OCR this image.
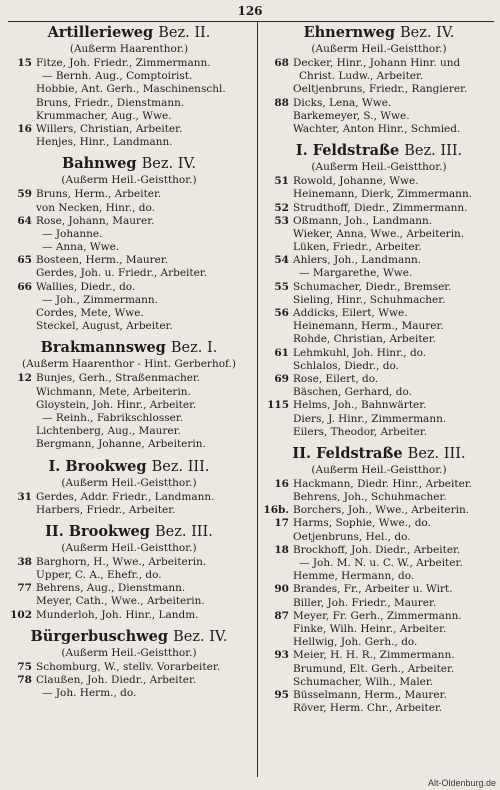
126
Artillerieweg Bez. II.
(Außerm Haarenthor.)
15 Fitze, Joh. Friedr., Zimmermann.
— Bernh. Aug., Comptoirist.
Hobbie, Ant. Gerh., Maschinenschl.
Bruns, Friedr., Dienstmann.
Krummacher, Aug., Wwe.
16 Willers, Christian, Arbeiter.
Henjes, Hinr., Landmann.
Bahnweg Bez. IV.
(Außerm Heil.-Geistthor.)
59 Bruns, Herm., Arbeiter.
von Necken, Hinr., do.
64 Rose, Johann, Maurer.
— Johanne.
— Anna, Wwe.
65 Bosteen, Herm., Maurer.
Gerdes, Joh. u. Friedr., Arbeiter.
66 Wallies, Diedr., do.
— Joh., Zimmermann.
Cordes, Mete, Wwe.
Steckel, August, Arbeiter.
Brakmannsweg Bez. I.
(Außerm Haarenthor - Hint. Gerberhof.)
12 Bunjes, Gerh., Straßenmacher.
Wichmann, Mete, Arbeiterin.
Gloystein, Joh. Hinr., Arbeiter.
— Reinh., Fabrikschlosser.
Lichtenberg, Aug., Maurer.
Bergmann, Johanne, Arbeiterin.
I. Brookweg Bez. III.
(Außerm Heil.-Geistthor.)
31 Gerdes, Addr. Friedr., Landmann.
Harbers, Friedr., Arbeiter.
II. Brookweg Bez. III.
(Außerm Heil.-Geistthor.)
38 Barghorn, H., Wwe., Arbeiterin.
Upper, C. A., Ehefr., do.
77 Behrens, Aug., Dienstmann.
Meyer, Cath., Wwe., Arbeiterin.
102 Munderloh, Joh. Hinr., Landm.
Bürgerbuschweg Bez. IV.
(Außerm Heil.-Geistthor.)
75 Schomburg, W., stellv. Vorarbeiter.
78 Claußen, Joh. Diedr., Arbeiter.
— Joh. Herm., do.
Ehnernweg Bez. IV.
(Außerm Heil.-Geistthor.)
68 Decker, Hinr., Johann Hinr. und
Christ. Ludw., Arbeiter.
Oeltjenbruns, Friedr., Rangierer.
88 Dicks, Lena, Wwe.
Barkemeyer, S., Wwe.
Wachter, Anton Hinr., Schmied.
I. Feldstraße Bez. III.
(Außerm Heil.-Geistthor.)
51 Rowold, Johanne, Wwe.
Heinemann, Dierk, Zimmermann.
52 Strudthoff, Diedr., Zimmermann.
53 Oßmann, Joh., Landmann.
Wieker, Anna, Wwe., Arbeiterin.
Lüken, Friedr., Arbeiter.
54 Ahlers, Joh., Landmann.
— Margarethe, Wwe.
55 Schumacher, Diedr., Bremser.
Sieling, Hinr., Schuhmacher.
56 Addicks, Eilert, Wwe.
Heinemann, Herm., Maurer.
Rohde, Christian, Arbeiter.
61 Lehmkuhl, Joh. Hinr., do.
Schlalos, Diedr., do.
69 Rose, Eilert, do.
Bäschen, Gerhard, do.
115 Helms, Joh., Bahnwärter.
Diers, J. Hinr., Zimmermann.
Eilers, Theodor, Arbeiter.
II. Feldstraße Bez. III.
(Außerm Heil.-Geistthor.)
16 Hackmann, Diedr. Hinr., Arbeiter.
Behrens, Joh., Schuhmacher.
16b. Borchers, Joh., Wwe., Arbeiterin.
17 Harms, Sophie, Wwe., do.
Oetjenbruns, Hel., do.
18 Brockhoff, Joh. Diedr., Arbeiter.
— Joh. M. N. u. C. W., Arbeiter.
Hemme, Hermann, do.
90 Brandes, Fr., Arbeiter u. Wirt.
Biller, Joh. Friedr., Maurer.
87 Meyer, Fr. Gerh., Zimmermann.
Finke, Wilh. Heinr., Arbeiter.
Hellwig, Joh. Gerh., do.
93 Meier, H. H. R., Zimmermann.
Brumund, Elt. Gerh., Arbeiter.
Schumacher, Wilh., Maler.
95 Büsselmann, Herm., Maurer.
Röver, Herm. Chr., Arbeiter.
Alt-Oldenburg.de
